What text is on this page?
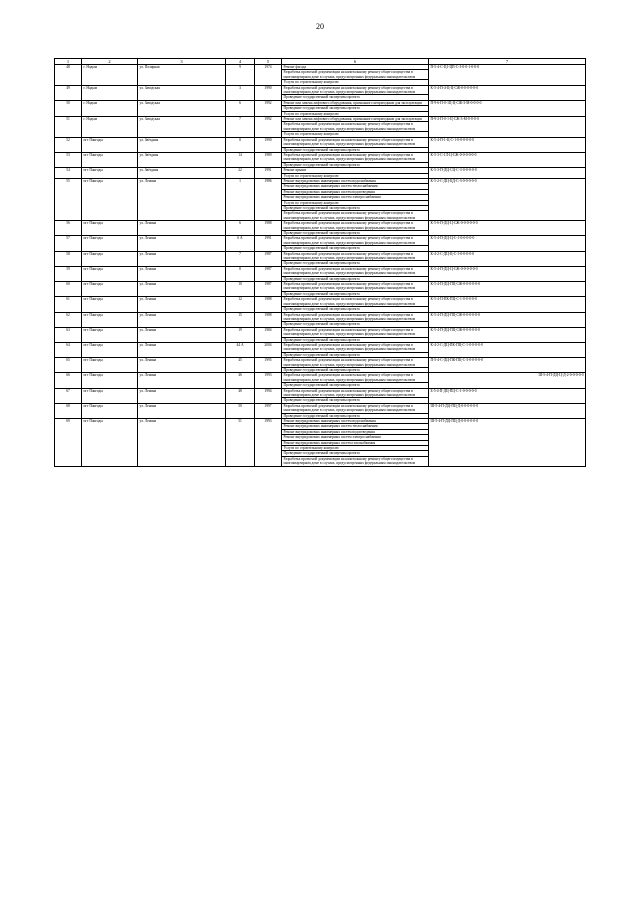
20
1	2	3	4	5	6	7
48	г. Надым	ул. Полярная	9	1974	Ремонт фасада	П-5-4-С-Ц1-ЦП-С-3-0-0-1-0-0-0
					Разработка проектной документации на капитальному ремонту общего имущества в многоквартирном доме в случаях, предусмотренных федеральным законодательством	
					Услуги по строительному контролю	
49	г. Надым	ул. Заводская	3	1990	Разработка проектной документации на капитальному ремонту общего имущества в многоквартирном доме в случаях, предусмотренных федеральным законодательством	К-5-4-П-4-Ц-Ц-СЖ-0-0-0-0-0-0
					Проведение государственной экспертизы проекта	
50	г. Надым	ул. Заводская	6	1992	Ремонт или замена лифтового оборудования, признанного непригодным для эксплуатации	П-9-6-П-0-1Ц-Ц-СЖ-3-М-0-0-0-0
					Проведение государственной экспертизы проекта	
					Услуги по строительному контролю	
51	г. Надым	ул. Заводская	7	1992	Ремонт или замена лифтового оборудования, признанного непригодным для эксплуатации	П-9-2-П-0-1-Ц-СЖ-3-М-0-0-0-0
					Разработка проектной документации на капитальному ремонту общего имущества в многоквартирном доме в случаях, предусмотренных федеральным законодательством	
					Услуги по строительному контролю	
52	пгт Пангоды	ул. Звёздная	8	1990	Разработка проектной документации на капитальному ремонту общего имущества в многоквартирном доме в случаях, предусмотренных федеральным законодательством	К-5-4-П-1-Ц-С-1-0-0-0-0-0-0
					Проведение государственной экспертизы проекта	
53	пгт Пангоды	ул. Звёздная	14	1989	Разработка проектной документации на капитальному ремонту общего имущества в многоквартирном доме в случаях, предусмотренных федеральным законодательством	К-5-3-С-1Л-Ц-СЖ-0-0-0-0-0-0
					Проведение государственной экспертизы проекта	
54	пгт Пангоды	ул. Звёздная	22	1991	Ремонт крыши	К-5-3-П-ДЦ-СЦ-С-3-0-0-0-0-0
					Услуги по строительному контролю	
55	пгт Пангоды	ул. Ленина	1	1986	Ремонт внутридомовых инженерных систем водоснабжения	К-5-2-С-ДЦ-ЦД-С-3-0-0-0-0-0
					Ремонт внутридомовых инженерных систем теплоснабжения	
					Ремонт внутридомовых инженерных систем водоотведения	
					Ремонт внутридомовых инженерных систем электроснабжения	
					Услуги по строительному контролю	
					Проведение государственной экспертизы проекта	
					Разработка проектной документации на капитальному ремонту общего имущества в многоквартирном доме в случаях, предусмотренных федеральным законодательством	
56	пгт Пангоды	ул. Ленина	6	1988	Разработка проектной документации на капитальному ремонту общего имущества в многоквартирном доме в случаях, предусмотренных федеральным законодательством	К-5-6-П-ДЦ-Ц-СЖ-0-0-0-0-0-0
					Проведение государственной экспертизы проекта	
57	пгт Пангоды	ул. Ленина	6 А	1991	Разработка проектной документации на капитальному ремонту общего имущества в многоквартирном доме в случаях, предусмотренных федеральным законодательством	К-5-4-П-ДЦ-Ц-С-1-0-0-0-0-0
					Проведение государственной экспертизы проекта	
58	пгт Пангоды	ул. Ленина	7	1987	Разработка проектной документации на капитальному ремонту общего имущества в многоквартирном доме в случаях, предусмотренных федеральным законодательством	К-4-2-С-ДЦ-Ц-С-1-0-0-0-0-0
					Проведение государственной экспертизы проекта	
59	пгт Пангоды	ул. Ленина	8	1987	Разработка проектной документации на капитальному ремонту общего имущества в многоквартирном доме в случаях, предусмотренных федеральным законодательством	К-5-4-П-ДЦ-Ц-СЖ-0-0-0-0-0-0
					Проведение государственной экспертизы проекта	
60	пгт Пангоды	ул. Ленина	10	1987	Разработка проектной документации на капитальному ремонту общего имущества в многоквартирном доме в случаях, предусмотренных федеральным законодательством	К-5-4-П-ДЦ-ПЦ-СЖ-0-0-0-0-0-0
					Проведение государственной экспертизы проекта	
61	пгт Пангоды	ул. Ленина	12	1988	Разработка проектной документации на капитальному ремонту общего имущества в многоквартирном доме в случаях, предусмотренных федеральным законодательством	К-5-4-П-ПК-ПЦ-С-1-0-0-0-0-0
					Проведение государственной экспертизы проекта	
62	пгт Пангоды	ул. Ленина	15	1988	Разработка проектной документации на капитальному ремонту общего имущества в многоквартирном доме в случаях, предусмотренных федеральным законодательством	К-5-4-П-ДЦ-ПЦ-СЖ-0-0-0-0-0-0
					Проведение государственной экспертизы проекта	
63	пгт Пангоды	ул. Ленина	19	1984	Разработка проектной документации на капитальному ремонту общего имущества в многоквартирном доме в случаях, предусмотренных федеральным законодательством	К-5-4-П-ДЦ-ПЦ-СЖ-0-0-0-0-0-0
					Проведение государственной экспертизы проекта	
64	пгт Пангоды	ул. Ленина	44 А	2004	Разработка проектной документации на капитальному ремонту общего имущества в многоквартирном доме в случаях, предусмотренных федеральным законодательством	К-4-2-С-ДЦ-ПК-ПЦ-С-1-0-0-0-0-0
					Проведение государственной экспертизы проекта	
65	пгт Пангоды	ул. Ленина	45	1995	Разработка проектной документации на капитальному ремонту общего имущества в многоквартирном доме в случаях, предусмотренных федеральным законодательством	П-5-4-С-ДЦ-ПК-ПЦ-С-3-0-0-0-0-0
					Проведение государственной экспертизы проекта	
66	пгт Пангоды	ул. Ленина	46	1993	Разработка проектной документации на капитальному ремонту общего имущества в многоквартирном доме в случаях, предусмотренных федеральным законодательством	Ш-5-4-П-ДЦ-Ц-Д-2-0-0-0-0-0
					Проведение государственной экспертизы проекта	
67	пгт Пангоды	ул. Ленина	48	1994	Разработка проектной документации на капитальному ремонту общего имущества в многоквартирном доме в случаях, предусмотренных федеральным законодательством	Б-5-4-П-ДЦ-ПЦ-С-1-0-0-0-0-0
					Проведение государственной экспертизы проекта	
68	пгт Пангоды	ул. Ленина	50	1997	Разработка проектной документации на капитальному ремонту общего имущества в многоквартирном доме в случаях, предусмотренных федеральным законодательством	Ш-5-4-П-ДЦ-ПЦ-Д-0-0-0-0-0-0
					Проведение государственной экспертизы проекта	
69	пгт Пангоды	ул. Ленина	51	1993	Ремонт внутридомовых инженерных систем водоснабжения	Ш-5-4-П-ДЦ-ПЦ-Д-0-0-0-0-0-0
					Ремонт внутридомовых инженерных систем теплоснабжения	
					Ремонт внутридомовых инженерных систем водоотведения	
					Ремонт внутридомовых инженерных систем электроснабжения	
					Ремонт внутридомовых инженерных систем газоснабжения	
					Услуги по строительному контролю	
					Проведение государственной экспертизы проекта	
					Разработка проектной документации на капитальному ремонту общего имущества в многоквартирном доме в случаях, предусмотренных федеральным законодательством	
